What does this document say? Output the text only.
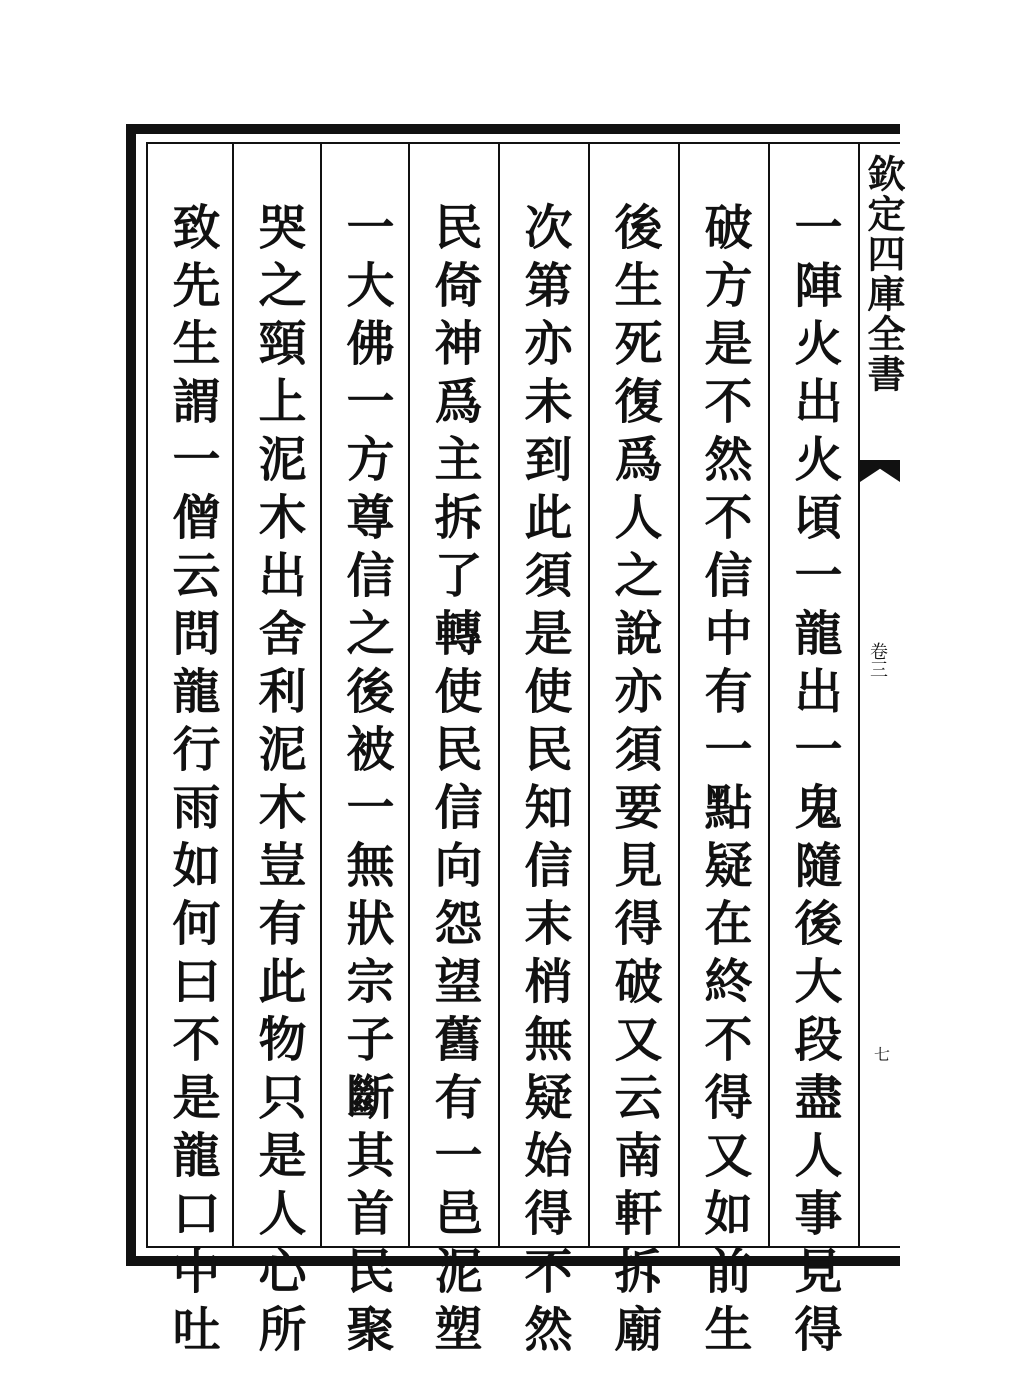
欽定四庫全書
卷三
七
一陣火出火頃一龍出一鬼隨後大段盡人事見得
破方是不然不信中有一點疑在終不得又如前生
後生死復爲人之說亦須要見得破又云南軒拆廟
次第亦未到此須是使民知信末梢無疑始得不然
民倚神爲主拆了轉使民信向怨望舊有一邑泥塑
一大佛一方尊信之後被一無狀宗子斷其首民聚
哭之頸上泥木出舍利泥木豈有此物只是人心所
致先生謂一僧云問龍行雨如何曰不是龍口中吐
